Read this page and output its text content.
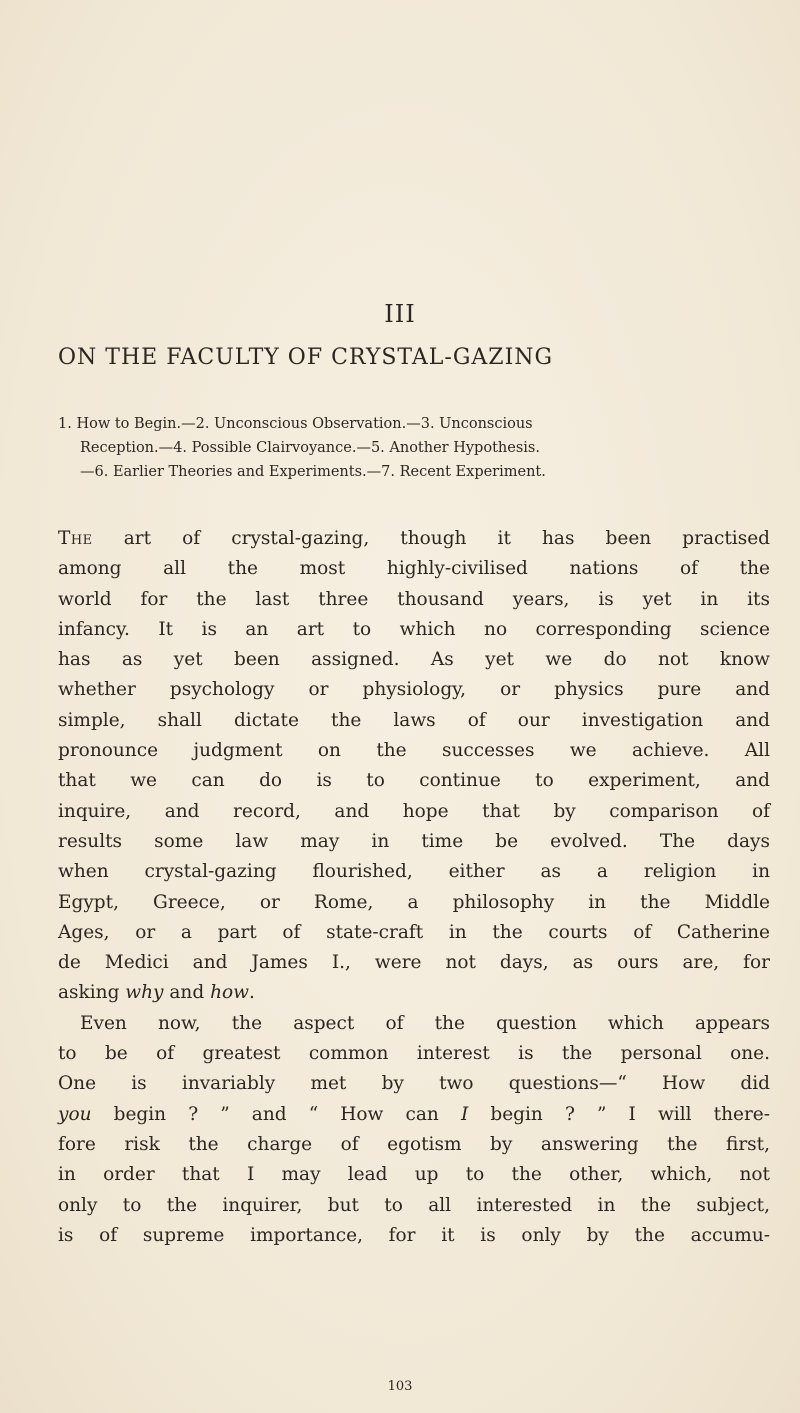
III
ON THE FACULTY OF CRYSTAL-GAZING
1. How to Begin.—2. Unconscious Observation.—3. Unconscious
Reception.—4. Possible Clairvoyance.—5. Another Hypothesis.
—6. Earlier Theories and Experiments.—7. Recent Experiment.
The art of crystal-gazing, though it has been practised
among all the most highly-civilised nations of the
world for the last three thousand years, is yet in its
infancy. It is an art to which no corresponding science
has as yet been assigned. As yet we do not know
whether psychology or physiology, or physics pure and
simple, shall dictate the laws of our investigation and
pronounce judgment on the successes we achieve. All
that we can do is to continue to experiment, and
inquire, and record, and hope that by comparison of
results some law may in time be evolved. The days
when crystal-gazing flourished, either as a religion in
Egypt, Greece, or Rome, a philosophy in the Middle
Ages, or a part of state-craft in the courts of Catherine
de Medici and James I., were not days, as ours are, for
asking why and how.
Even now, the aspect of the question which appears
to be of greatest common interest is the personal one.
One is invariably met by two questions—“ How did
you begin ? ” and “ How can I begin ? ” I will there-
fore risk the charge of egotism by answering the first,
in order that I may lead up to the other, which, not
only to the inquirer, but to all interested in the subject,
is of supreme importance, for it is only by the accumu-
103
